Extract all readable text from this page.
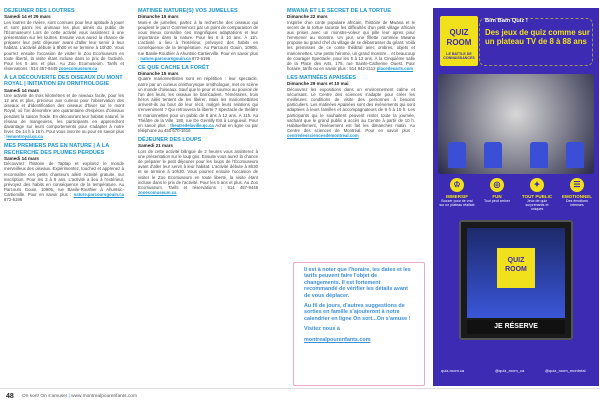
DÉJEUNER DES LOUTRES
Samedi 14 et 29 mars
Les loutres de rivière, sont connues pour leur aptitude à jouer et sont parmi les animaux les plus aimés du public de l'Écomuseum! Lors de cette activité vous assisterez à une présentation sur les loutres. Ensuite vous aurez la chance de préparer leur petit déjeuner avant d'aller leur servir à leur habitat. L'activité débute à 8h00 et se termine à 10h30. Vous pourrez ensuite l'occasion de visiter le Zoo Ecomuseum en toute liberté, la visite étant incluse dans le prix de l'activité. Pour les 5 ans et plus. Au Zoo Ecomuseum. Tarifs et réservations : 514 457-9449 zooecomuseum.ca
À LA DÉCOUVERTE DES OISEAUX DU MONT ROYAL | INITIATION EN ORNITHOLOGIE
Samedi 14 mars
Une activité de trois kilomètres et de niveaux facile, pour les 12 ans et plus, précieux aux curieux pour l'observation des oiseaux et d'identification des oiseaux d'hiver sur le mont Royal, où l'on dénombre une quarantaine d'espèces d'oiseaux pendant la saison froide. En découvrant leur habitat naturel, le réseau de mangeoires, les participants en apprendront davantage sur leurs comportements pour s'adapter à notre hiver. De 14 h à 16 h. Pour vous inscrire ou pour en savoir plus : lemontroyal.qc.ca
MES PREMIERS PAS EN NATURE | À LA RECHERCHE DES PLUMES PERDUES
Samedi 14 mars
Découvrez l'histoire de Taptap et explorez le monde merveilleux des oiseaux. Expérimentez, touchez et apprenez à reconnaître ces petits chanteurs ailés! Activité gratuite, sur inscription. Pour les 3 à 5 ans. L'activité a lieu à l'extérieur, prévoyez des habits en conséquence de la température. Au Parcours Gouin, 10905, rue Basile-Routhier à Ahuntsic-Cartierville. Pour en savoir plus : nature.parcoursgouin.ca 872-6196
MATINÉE NATURE(S) VOS JUMELLES
Dimanche 15 mars
Muni-e de jumelles, partez à la recherche des oiseaux qui peuplent le parc! Commencez par un point de comparaison de vous mieux connaître ces magnifiques adaptations et leur importance dans la nature. Pour les 6 à 10 ans. À 11h. L'activité a lieu à l'extérieur, prévoyez des habits en conséquence de la température. Au Parcours Gouin, 10905, rue Basile-Routhier à Ahuntsic-Cartierville. Pour en savoir plus : nature.parcoursgouin.ca 872-6196
CE QUE CACHE LA FORÊT
Dimanche 15 mars
Quatre marionnettistes sont en répétition : leur spectacle, narre par un curieux ornithorynque ornithologue, met en scène un monde d'oiseaux. Sauf que le peur et sournoi au pouvoir de l'un des leurs, les oiseaux se barricadent. Téméraires, trois héros ailés tentent de les libérer. Mais les marionnettistes arrivent-ils au bout de leur récit, malgré leurs relations qui s'enveniment ? Qui retrouvera la liberté ? Spectacle de théâtre et marionnettes pour un public de 8 ans à 12 ans. À 11h. Au Théâtre de la Ville, 180, rue De Gentilly Est à Longueuil. Pour en savoir plus : theatredelaville.qc.ca Achat en ligne ou par téléphone au 450 670-1616
DÉJEUNER DES LOUPS
Samedi 21 mars
Lors de cette activité bilingue de 2 heures vous assisterez à une présentation sur le loup gris. Ensuite vous aurez la chance de préparer le petit déjeuner pour les loups de l'Écomuseum avant d'aller leur servir à leur habitat. L'activité débute à 8h30 et se termine à 10h30. Vous pourrez ensuite l'occasion de visiter le Zoo Ecomuseum en toute liberté, la visite étant incluse dans le prix de l'activité. Pour les 5 ans et plus. Au Zoo Ecomuseum. Tarifs et réservations : 514 457-9449 zooecomuseum.ca
MWANA ET LE SECRET DE LA TORTUE
Dimanche 22 mars
Inspirée d'un conte populaire africain, l'histoire de Mwana et le secret de la tortue raconte les difficultés d'un petit village africain aux prises avec un monstre-voleur qui pille leur apres pour l'emmener au monstre. Un jour, une fillette nommée Mwana propose au grand chef du village de se débarrasser du géant. Voilà les prémisses de ce conte théâtral avec ombres, objets et marionnettes. Une petite héroïne, un grand monstre... et beaucoup de courage! Spectacle, pour les 5 à 12 ans. À la Cinquième salle de la Place des Arts, 175, rue Sainte-Catherine Ouest. Pour horaire, tarifs ou en savoir plus : 514 842-2112 placedesarts.com
LES MATINÉES APAISÉES
Dimanche 29 mars et 10 mai
Découvrez les expositions dans un environnement calme et sécurisant. Le Centre des sciences s'adapte pour créer les meilleures conditions de visite des personnes à besoins particuliers. Les matinées Apaisées sont des événements qui sont adaptées à leurs familles et accompagnateurs de 9 h à 10 h. Les participants qui le souhaitent peuvent rester toute la journée, sachant que le grand public a accès au Centre à partir de 10 h. Habituellement, l'événement est fait les dimanches matin. Au Centre des sciences de Montréal. Pour en savoir plus : centredessciencesdemontreal.com
Il est à noter que l'horaire, les dates et les tarifs peuvent faire l'objet de changements. Il est fortement recommandé de vérifier les détails avant de vous déplacer.
Au fil de jours, d'autres suggestions de sorties en famille s'ajouteront à notre calendrier en ligne On sort...On s'amuse !
Visitez nous à
montrealpourenfants.com
QUIZ
ROOM
LE BATTLE DE CONNAISSANCES
Bim Bam Quiz !
Des jeux de quiz comme sur un plateau TV de 8 à 88 ans
♔
IMMERSIF
Buzzer pour de vrai sur un plateau réaliste
◎
FUN
Tout peut arriver
✦
TOUT PUBLIC
Jeux de quiz surprenants et uniques
☰
EMOTIONNEL
Des émotions intenses
QUIZ ROOM
JE RÉSERVE
quiz-room.ca	@quiz_room_ca	@quiz_room_montréal
48 On sort! On s'amuse! | www.montrealpourenfants.com
